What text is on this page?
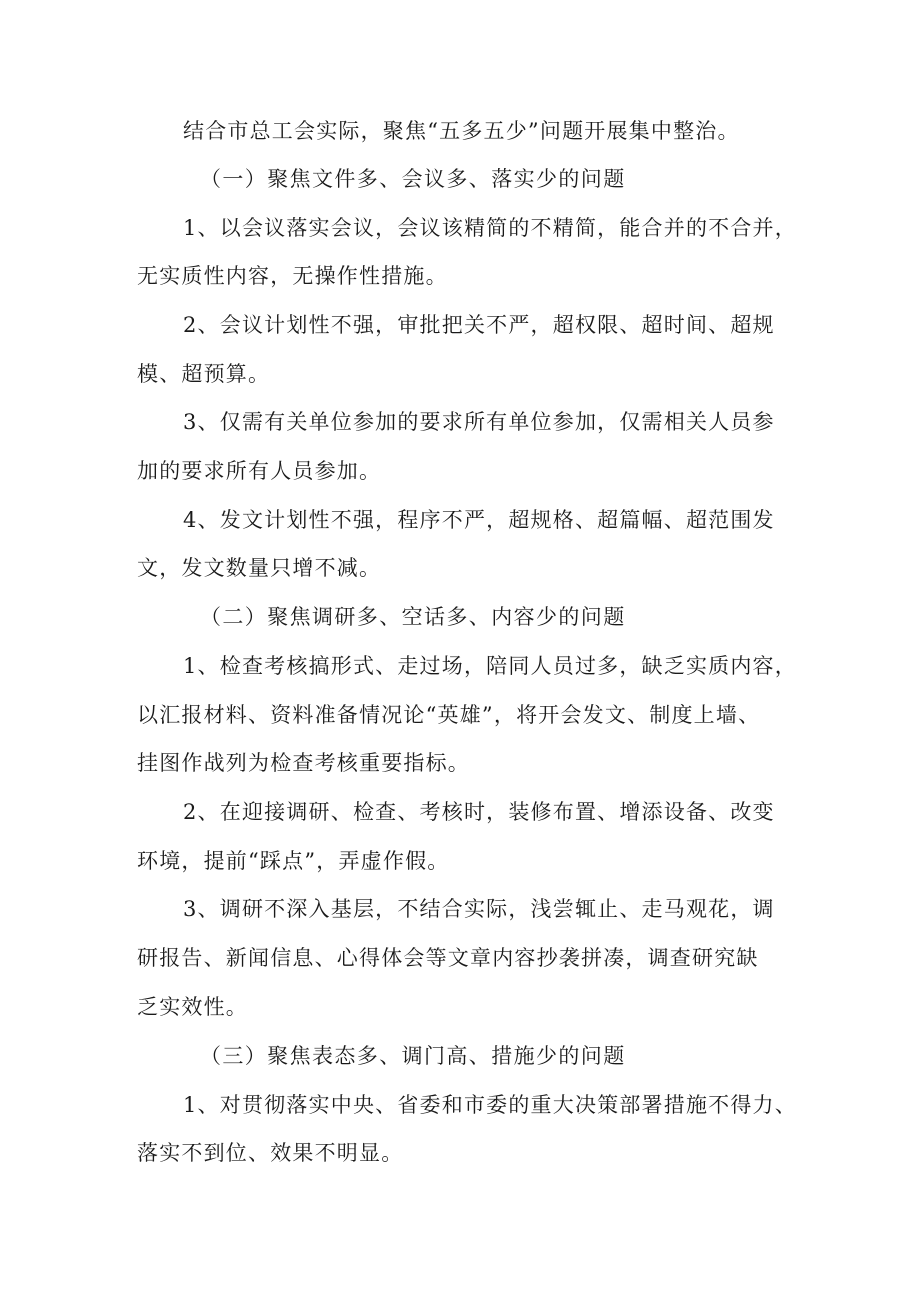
结合市总工会实际，聚焦“五多五少”问题开展集中整治。
（一）聚焦文件多、会议多、落实少的问题
1、以会议落实会议，会议该精简的不精简，能合并的不合并，
无实质性内容，无操作性措施。
2、会议计划性不强，审批把关不严，超权限、超时间、超规
模、超预算。
3、仅需有关单位参加的要求所有单位参加，仅需相关人员参
加的要求所有人员参加。
4、发文计划性不强，程序不严，超规格、超篇幅、超范围发
文，发文数量只增不减。
（二）聚焦调研多、空话多、内容少的问题
1、检查考核搞形式、走过场，陪同人员过多，缺乏实质内容，
以汇报材料、资料准备情况论“英雄”，将开会发文、制度上墙、
挂图作战列为检查考核重要指标。
2、在迎接调研、检查、考核时，装修布置、增添设备、改变
环境，提前“踩点”，弄虚作假。
3、调研不深入基层，不结合实际，浅尝辄止、走马观花，调
研报告、新闻信息、心得体会等文章内容抄袭拼凑，调查研究缺
乏实效性。
（三）聚焦表态多、调门高、措施少的问题
1、对贯彻落实中央、省委和市委的重大决策部署措施不得力、
落实不到位、效果不明显。
